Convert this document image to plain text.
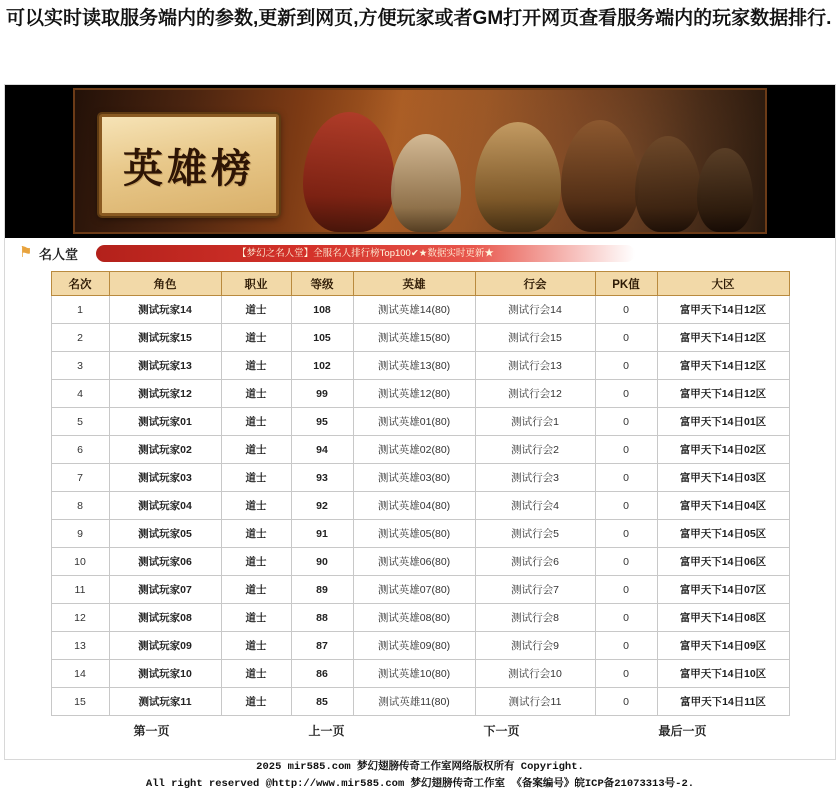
可以实时读取服务端内的参数,更新到网页,方便玩家或者GM打开网页查看服务端内的玩家数据排行.
英雄榜
⚑ 名人堂	【梦幻之名人堂】全服名人排行榜Top100✔★数据实时更新★
名次	角色	职业	等级	英雄	行会	PK值	大区
1	测试玩家14	道士	108	测试英雄14(80)	测试行会14	0	富甲天下14日12区
2	测试玩家15	道士	105	测试英雄15(80)	测试行会15	0	富甲天下14日12区
3	测试玩家13	道士	102	测试英雄13(80)	测试行会13	0	富甲天下14日12区
4	测试玩家12	道士	99	测试英雄12(80)	测试行会12	0	富甲天下14日12区
5	测试玩家01	道士	95	测试英雄01(80)	测试行会1	0	富甲天下14日01区
6	测试玩家02	道士	94	测试英雄02(80)	测试行会2	0	富甲天下14日02区
7	测试玩家03	道士	93	测试英雄03(80)	测试行会3	0	富甲天下14日03区
8	测试玩家04	道士	92	测试英雄04(80)	测试行会4	0	富甲天下14日04区
9	测试玩家05	道士	91	测试英雄05(80)	测试行会5	0	富甲天下14日05区
10	测试玩家06	道士	90	测试英雄06(80)	测试行会6	0	富甲天下14日06区
11	测试玩家07	道士	89	测试英雄07(80)	测试行会7	0	富甲天下14日07区
12	测试玩家08	道士	88	测试英雄08(80)	测试行会8	0	富甲天下14日08区
13	测试玩家09	道士	87	测试英雄09(80)	测试行会9	0	富甲天下14日09区
14	测试玩家10	道士	86	测试英雄10(80)	测试行会10	0	富甲天下14日10区
15	测试玩家11	道士	85	测试英雄11(80)	测试行会11	0	富甲天下14日11区
第一页	上一页	下一页	最后一页
2025 mir585.com 梦幻翅膀传奇工作室网络版权所有 Copyright.
All right reserved @http://www.mir585.com 梦幻翅膀传奇工作室 《备案编号》皖ICP备21073313号-2.
